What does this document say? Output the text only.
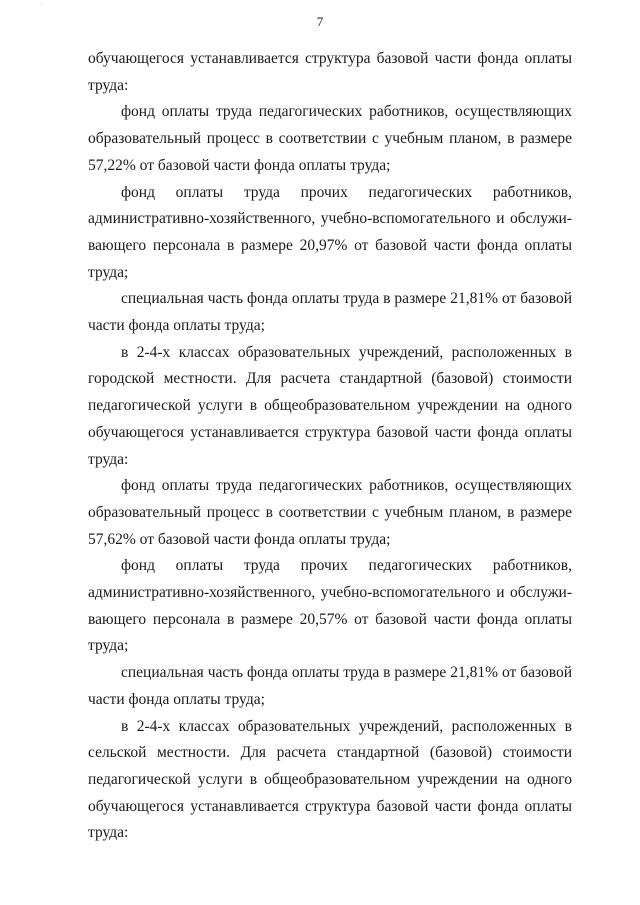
·
7
обучающегося устанавливается структура базовой части фонда оплаты
труда:
фонд оплаты труда педагогических работников, осуществляющих
образовательный процесс в соответствии с учебным планом, в размере
57,22% от базовой части фонда оплаты труда;
фонд оплаты труда прочих педагогических работников,
административно-хозяйственного, учебно-вспомогательного и обслужи-
вающего персонала в размере 20,97% от базовой части фонда оплаты
труда;
специальная часть фонда оплаты труда в размере 21,81% от базовой
части фонда оплаты труда;
в 2-4-х классах образовательных учреждений, расположенных в
городской местности. Для расчета стандартной (базовой) стоимости
педагогической услуги в общеобразовательном учреждении на одного
обучающегося устанавливается структура базовой части фонда оплаты
труда:
фонд оплаты труда педагогических работников, осуществляющих
образовательный процесс в соответствии с учебным планом, в размере
57,62% от базовой части фонда оплаты труда;
фонд оплаты труда прочих педагогических работников,
административно-хозяйственного, учебно-вспомогательного и обслужи-
вающего персонала в размере 20,57% от базовой части фонда оплаты
труда;
специальная часть фонда оплаты труда в размере 21,81% от базовой
части фонда оплаты труда;
в 2-4-х классах образовательных учреждений, расположенных в
сельской местности. Для расчета стандартной (базовой) стоимости
педагогической услуги в общеобразовательном учреждении на одного
обучающегося устанавливается структура базовой части фонда оплаты
труда:
